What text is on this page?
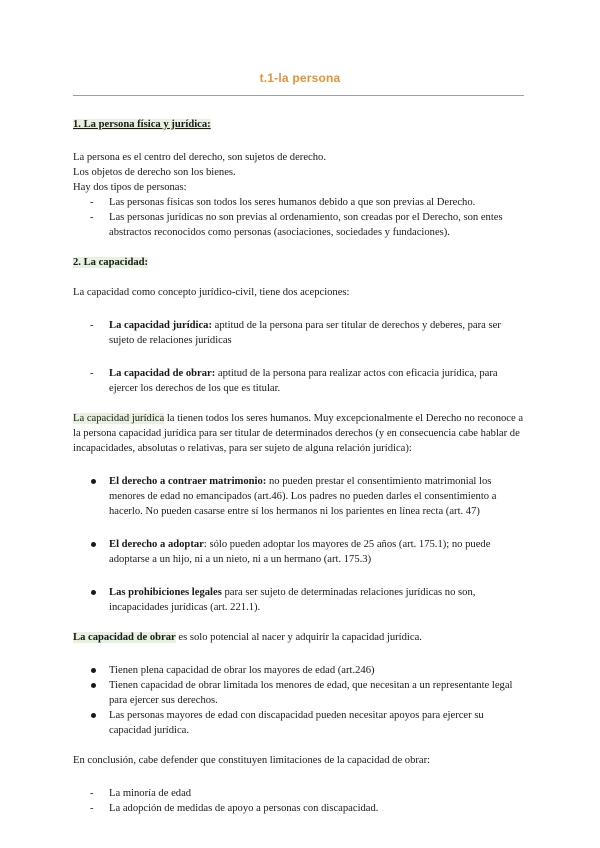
t.1-la persona

1. La persona física y jurídica:

La persona es el centro del derecho, son sujetos de derecho.

Los objetos de derecho son los bienes.

Hay dos tipos de personas:

- Las personas físicas son todos los seres humanos debido a que son previas al Derecho.
- Las personas jurídicas no son previas al ordenamiento, son creadas por el Derecho, son entes abstractos reconocidos como personas (asociaciones, sociedades y fundaciones).

2. La capacidad:

La capacidad como concepto jurídico-civil, tiene dos acepciones:

- La capacidad jurídica: aptitud de la persona para ser titular de derechos y deberes, para ser sujeto de relaciones jurídicas
- La capacidad de obrar: aptitud de la persona para realizar actos con eficacia jurídica, para ejercer los derechos de los que es titular.

La capacidad jurídica la tienen todos los seres humanos. Muy excepcionalmente el Derecho no reconoce a la persona capacidad jurídica para ser titular de determinados derechos (y en consecuencia cabe hablar de incapacidades, absolutas o relativas, para ser sujeto de alguna relación jurídica):

El derecho a contraer matrimonio: no pueden prestar el consentimiento matrimonial los menores de edad no emancipados (art.46). Los padres no pueden darles el consentimiento a hacerlo. No pueden casarse entre sí los hermanos ni los parientes en línea recta (art. 47)
El derecho a adoptar: sólo pueden adoptar los mayores de 25 años (art. 175.1); no puede adoptarse a un hijo, ni a un nieto, ni a un hermano (art. 175.3)
Las prohibiciones legales para ser sujeto de determinadas relaciones jurídicas no son, incapacidades jurídicas (art. 221.1).

La capacidad de obrar es solo potencial al nacer y adquirir la capacidad jurídica.

Tienen plena capacidad de obrar los mayores de edad (art.246)
Tienen capacidad de obrar limitada los menores de edad, que necesitan a un representante legal para ejercer sus derechos.
Las personas mayores de edad con discapacidad pueden necesitar apoyos para ejercer su capacidad jurídica.

En conclusión, cabe defender que constituyen limitaciones de la capacidad de obrar:

- La minoría de edad
- La adopción de medidas de apoyo a personas con discapacidad.
